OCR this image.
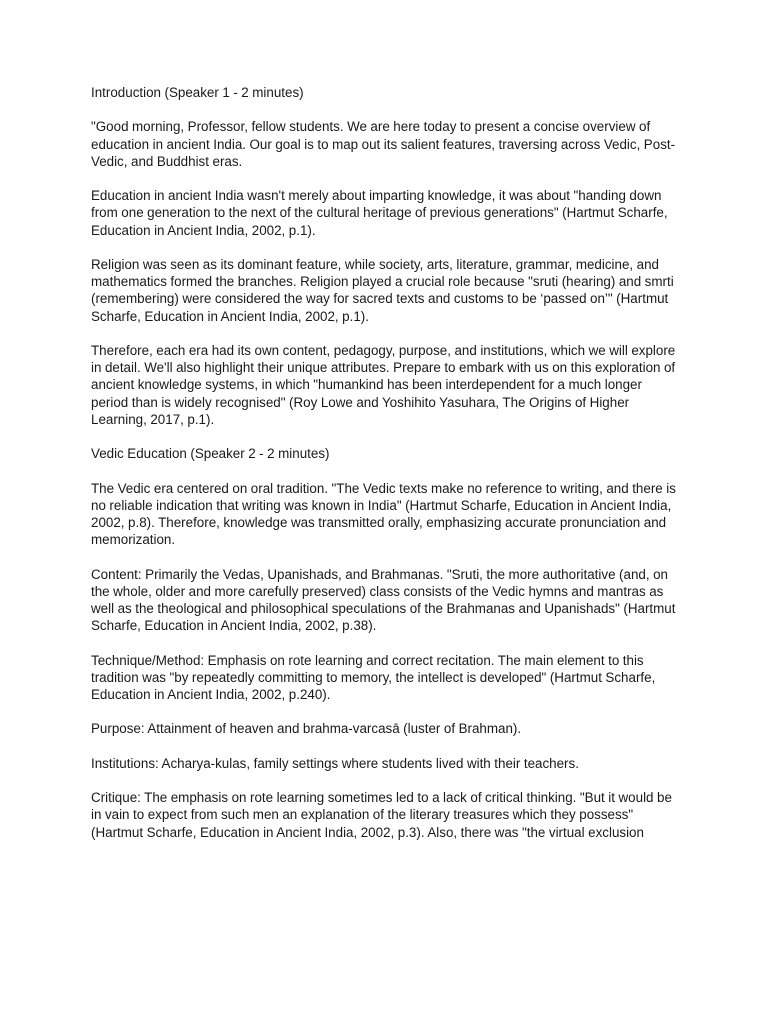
Introduction (Speaker 1 - 2 minutes)

"Good morning, Professor, fellow students. We are here today to present a concise overview of education in ancient India. Our goal is to map out its salient features, traversing across Vedic, Post-Vedic, and Buddhist eras.

Education in ancient India wasn't merely about imparting knowledge, it was about "handing down from one generation to the next of the cultural heritage of previous generations" (Hartmut Scharfe, Education in Ancient India, 2002, p.1).

Religion was seen as its dominant feature, while society, arts, literature, grammar, medicine, and mathematics formed the branches. Religion played a crucial role because "sruti (hearing) and smrti (remembering) were considered the way for sacred texts and customs to be ‘passed on’" (Hartmut Scharfe, Education in Ancient India, 2002, p.1).

Therefore, each era had its own content, pedagogy, purpose, and institutions, which we will explore in detail. We'll also highlight their unique attributes. Prepare to embark with us on this exploration of ancient knowledge systems, in which "humankind has been interdependent for a much longer period than is widely recognised" (Roy Lowe and Yoshihito Yasuhara, The Origins of Higher Learning, 2017, p.1).

Vedic Education (Speaker 2 - 2 minutes)

The Vedic era centered on oral tradition. "The Vedic texts make no reference to writing, and there is no reliable indication that writing was known in India" (Hartmut Scharfe, Education in Ancient India, 2002, p.8). Therefore, knowledge was transmitted orally, emphasizing accurate pronunciation and memorization.

Content: Primarily the Vedas, Upanishads, and Brahmanas. "Sruti, the more authoritative (and, on the whole, older and more carefully preserved) class consists of the Vedic hymns and mantras as well as the theological and philosophical speculations of the Brahmanas and Upanishads" (Hartmut Scharfe, Education in Ancient India, 2002, p.38).

Technique/Method: Emphasis on rote learning and correct recitation. The main element to this tradition was "by repeatedly committing to memory, the intellect is developed" (Hartmut Scharfe, Education in Ancient India, 2002, p.240).

Purpose: Attainment of heaven and brahma-varcasā (luster of Brahman).

Institutions: Acharya-kulas, family settings where students lived with their teachers.

Critique: The emphasis on rote learning sometimes led to a lack of critical thinking. "But it would be in vain to expect from such men an explanation of the literary treasures which they possess" (Hartmut Scharfe, Education in Ancient India, 2002, p.3). Also, there was "the virtual exclusion
